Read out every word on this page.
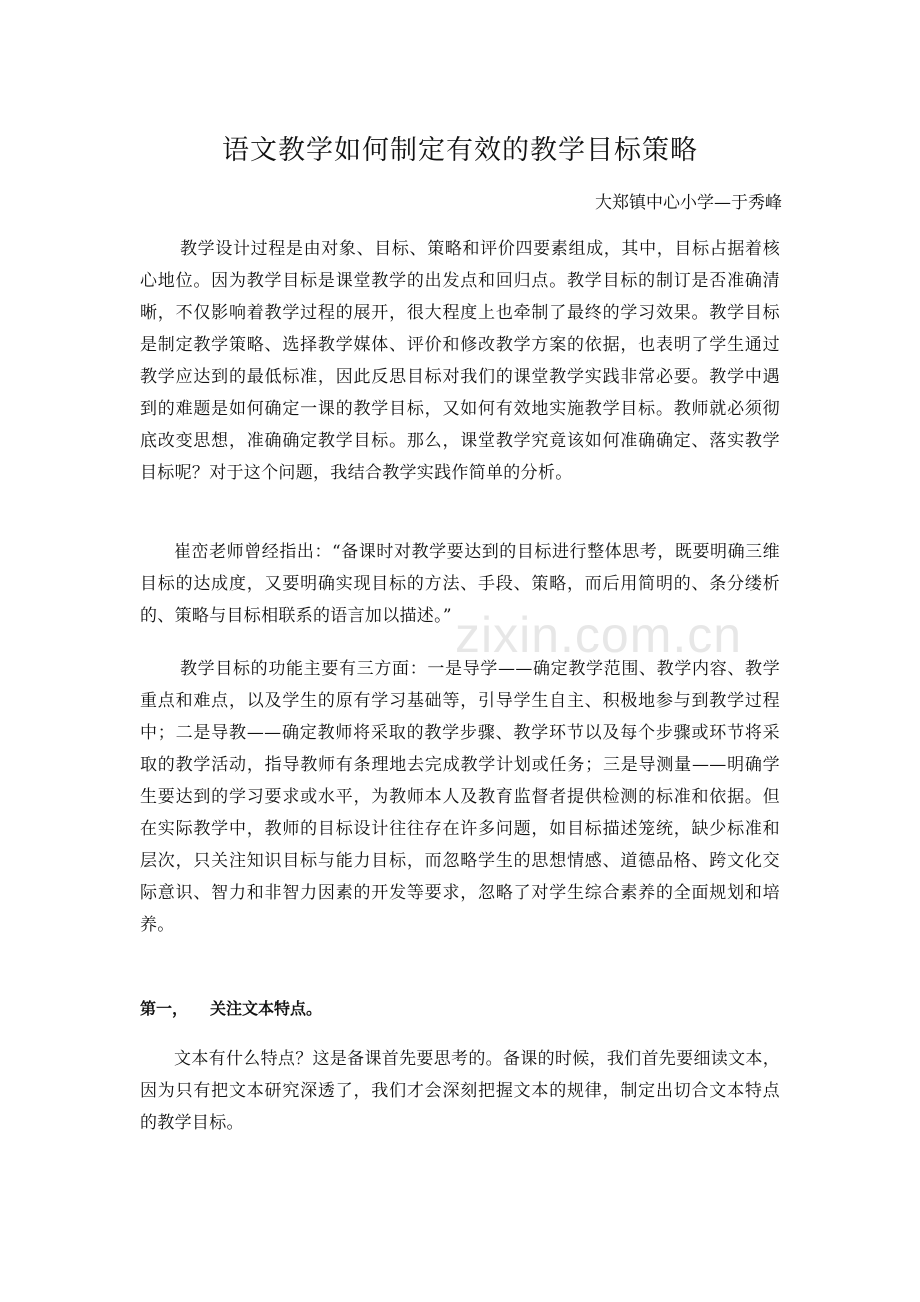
语文教学如何制定有效的教学目标策略
大郑镇中心小学—于秀峰
教学设计过程是由对象、目标、策略和评价四要素组成，其中，目标占据着核心地位。因为教学目标是课堂教学的出发点和回归点。教学目标的制订是否准确清晰，不仅影响着教学过程的展开，很大程度上也牵制了最终的学习效果。教学目标是制定教学策略、选择教学媒体、评价和修改教学方案的依据，也表明了学生通过教学应达到的最低标准，因此反思目标对我们的课堂教学实践非常必要。教学中遇到的难题是如何确定一课的教学目标，又如何有效地实施教学目标。教师就必须彻底改变思想，准确确定教学目标。那么，课堂教学究竟该如何准确确定、落实教学目标呢？对于这个问题，我结合教学实践作简单的分析。
崔峦老师曾经指出：“备课时对教学要达到的目标进行整体思考，既要明确三维目标的达成度，又要明确实现目标的方法、手段、策略，而后用简明的、条分缕析的、策略与目标相联系的语言加以描述。”
教学目标的功能主要有三方面：一是导学——确定教学范围、教学内容、教学重点和难点，以及学生的原有学习基础等，引导学生自主、积极地参与到教学过程中；二是导教——确定教师将采取的教学步骤、教学环节以及每个步骤或环节将采取的教学活动，指导教师有条理地去完成教学计划或任务；三是导测量——明确学生要达到的学习要求或水平，为教师本人及教育监督者提供检测的标准和依据。但在实际教学中，教师的目标设计往往存在许多问题，如目标描述笼统，缺少标准和层次，只关注知识目标与能力目标，而忽略学生的思想情感、道德品格、跨文化交际意识、智力和非智力因素的开发等要求，忽略了对学生综合素养的全面规划和培养。
第一， 关注文本特点。
文本有什么特点？这是备课首先要思考的。备课的时候，我们首先要细读文本，因为只有把文本研究深透了，我们才会深刻把握文本的规律，制定出切合文本特点的教学目标。
zixin.com.cn
